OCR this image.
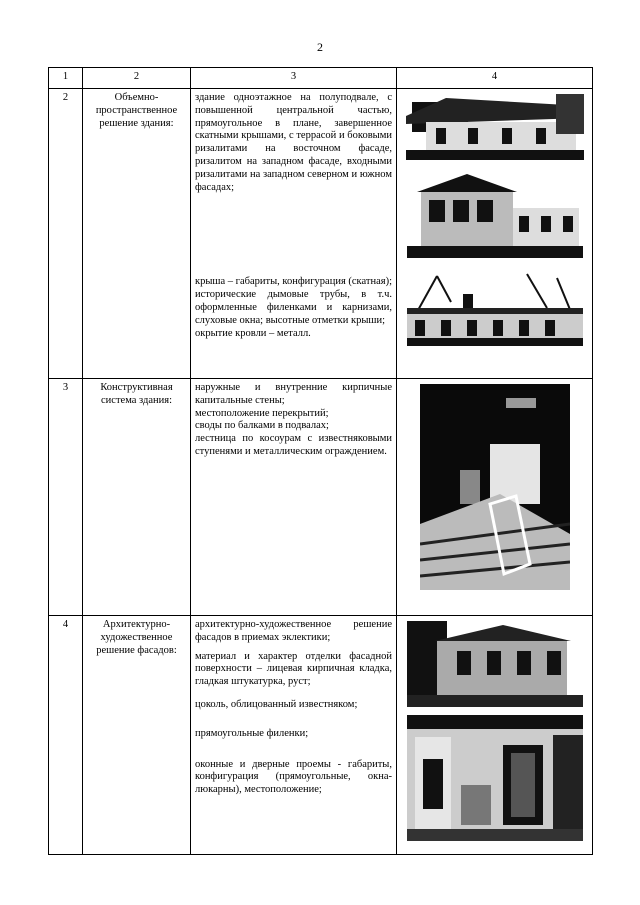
2
1	2	3	4
2	Объемно-пространственное решение здания:	здание одноэтажное на полуподвале, с повышенной центральной частью, прямоугольное в плане, завершенное скатными крышами, с террасой и боковыми ризалитами на восточном фасаде, ризалитом на западном фасаде, входными ризалитами на западном северном и южном фасадах;

крыша – габариты, конфигурация (скатная); исторические дымовые трубы, в т.ч. оформленные филенками и карнизами, слуховые окна; высотные отметки крыши;

окрытие кровли – металл.

3	Конструктивная система здания:	наружные и внутренние кирпичные капитальные стены;

местоположение перекрытий;

своды по балками в подвалах;

лестница по косоурам с известняковыми ступенями и металлическим ограждением.

4	Архитектурно-художественное решение фасадов:	архитектурно-художественное решение фасадов в приемах эклектики;

материал и характер отделки фасадной поверхности – лицевая кирпичная кладка, гладкая штукатурка, руст;

цоколь, облицованный известняком;

прямоугольные филенки;

оконные и дверные проемы - габариты, конфигурация (прямоугольные, окна-люкарны), местоположение;
